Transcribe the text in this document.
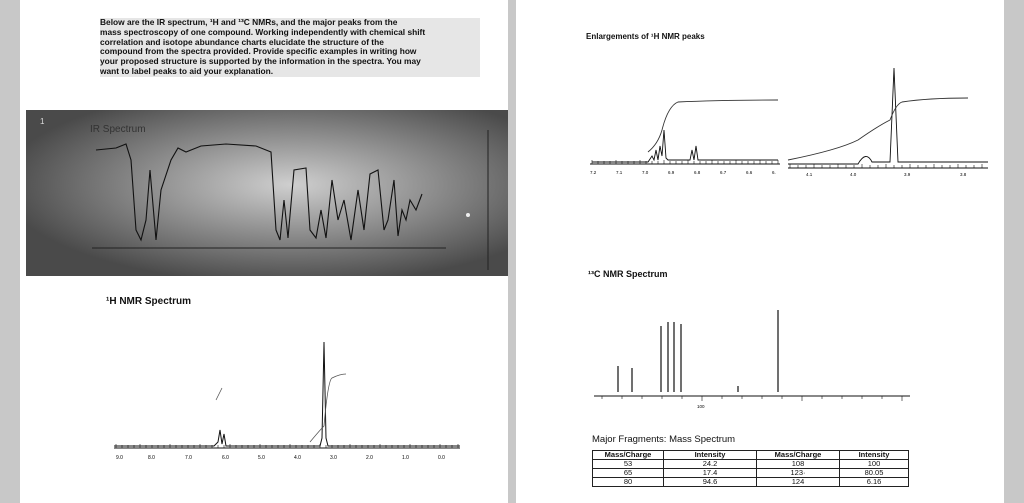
Below are the IR spectrum, ¹H and ¹³C NMRs, and the major peaks from the
mass spectroscopy of one compound. Working independently with chemical shift
correlation and isotope abundance charts elucidate the structure of the
compound from the spectra provided. Provide specific examples in writing how
your proposed structure is supported by the information in the spectra. You may
want to label peaks to aid your explanation.
IR Spectrum
1
¹H NMR Spectrum
9.0	8.0	7.0	6.0	5.0	4.0	3.0	2.0	1.0	0.0
Enlargements of ¹H NMR peaks
7.2	7.1	7.0	6.9	6.8	6.7	6.6	6.	4.1	4.0	3.9	3.8
¹³C NMR Spectrum
100
Major Fragments: Mass Spectrum
Mass/Charge	Intensity	Mass/Charge	Intensity
53	24.2	108	100
65	17.4	123·	80.05
80	94.6	124	6.16
